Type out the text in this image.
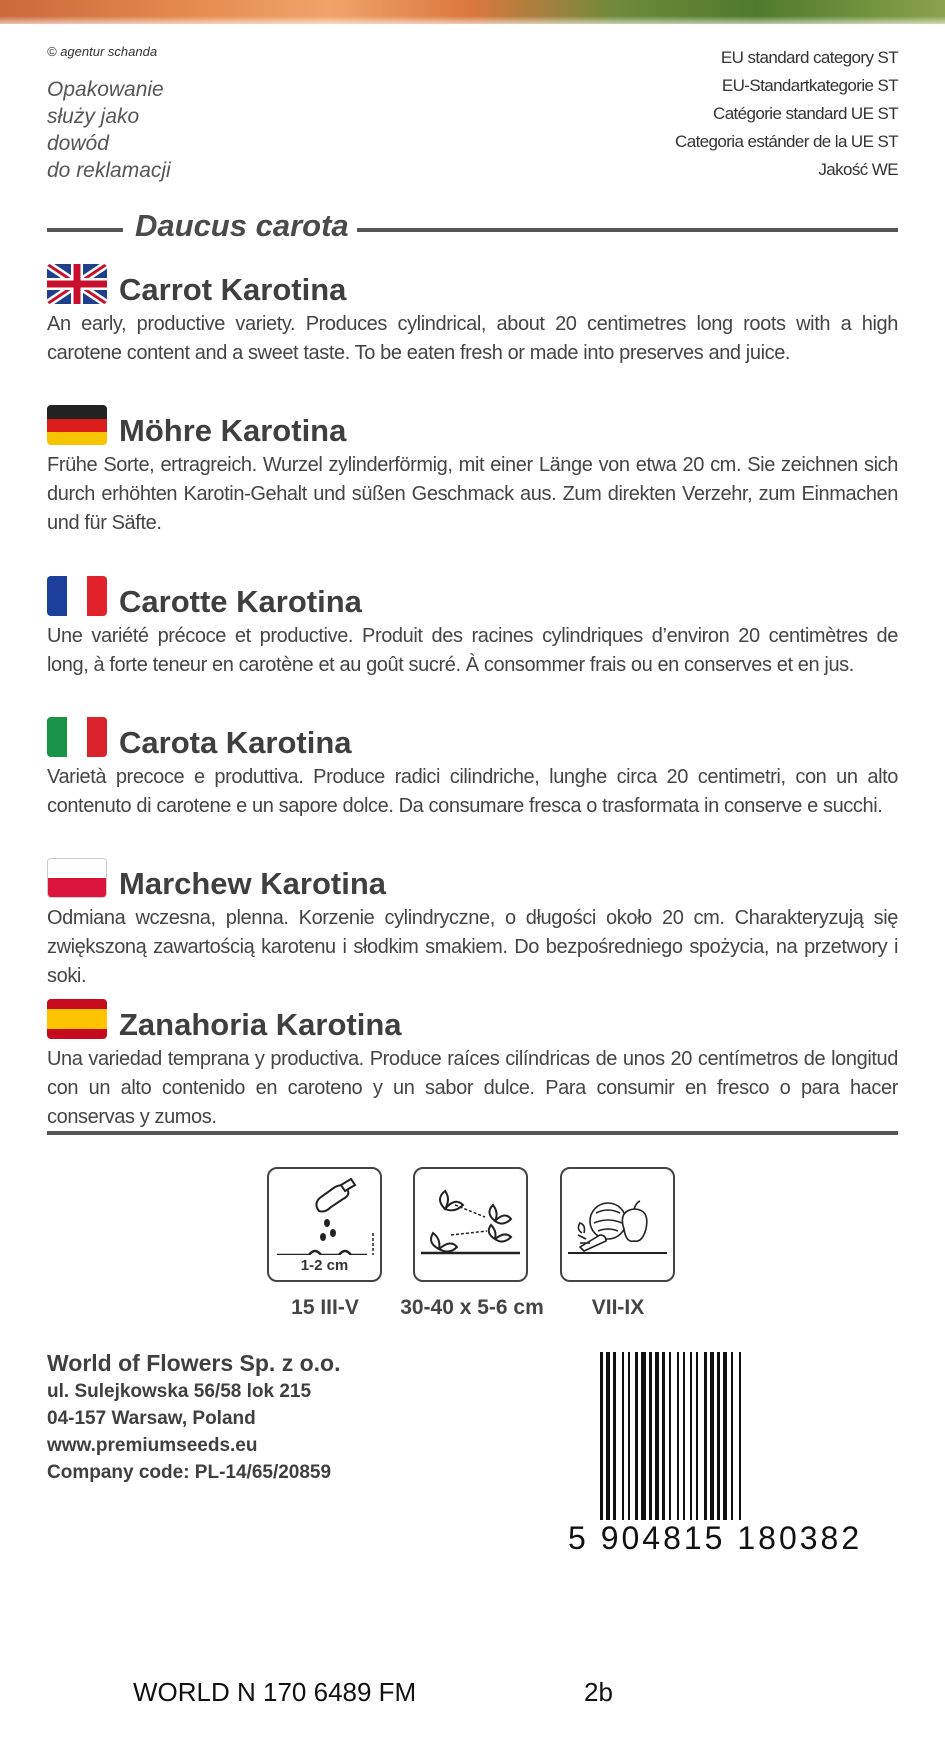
© agentur schanda
Opakowanie
służy jako
dowód
do reklamacji
EU standard category ST
EU-Standartkategorie ST
Catégorie standard UE ST
Categoria estánder de la UE ST
Jakość WE
Daucus carota
Carrot Karotina
An early, productive variety. Produces cylindrical, about 20 centimetres long roots with a high carotene content and a sweet taste. To be eaten fresh or made into preserves and juice.
Möhre Karotina
Frühe Sorte, ertragreich. Wurzel zylinderförmig, mit einer Länge von etwa 20 cm. Sie zeichnen sich durch erhöhten Karotin-Gehalt und süßen Geschmack aus. Zum direkten Verzehr, zum Einmachen und für Säfte.
Carotte Karotina
Une variété précoce et productive. Produit des racines cylindriques d’environ 20 centimètres de long, à forte teneur en carotène et au goût sucré. À consommer frais ou en conserves et en jus.
Carota Karotina
Varietà precoce e produttiva. Produce radici cilindriche, lunghe circa 20 centimetri, con un alto contenuto di carotene e un sapore dolce. Da consumare fresca o trasformata in conserve e succhi.
Marchew Karotina
Odmiana wczesna, plenna. Korzenie cylindryczne, o długości około 20 cm. Charakteryzują się zwiększoną zawartością karotenu i słodkim smakiem. Do bezpośredniego spożycia, na przetwory i soki.
Zanahoria Karotina
Una variedad temprana y productiva. Produce raíces cilíndricas de unos 20 centímetros de longitud con un alto contenido en caroteno y un sabor dulce. Para consumir en fresco o para hacer conservas y zumos.
1-2 cm
15 III-V	30-40 x 5-6 cm	VII-IX
World of Flowers Sp. z o.o.
ul. Sulejkowska 56/58 lok 215
04-157 Warsaw, Poland
www.premiumseeds.eu
Company code: PL-14/65/20859
5 904815 180382
WORLD N 170 6489 FM	2b
